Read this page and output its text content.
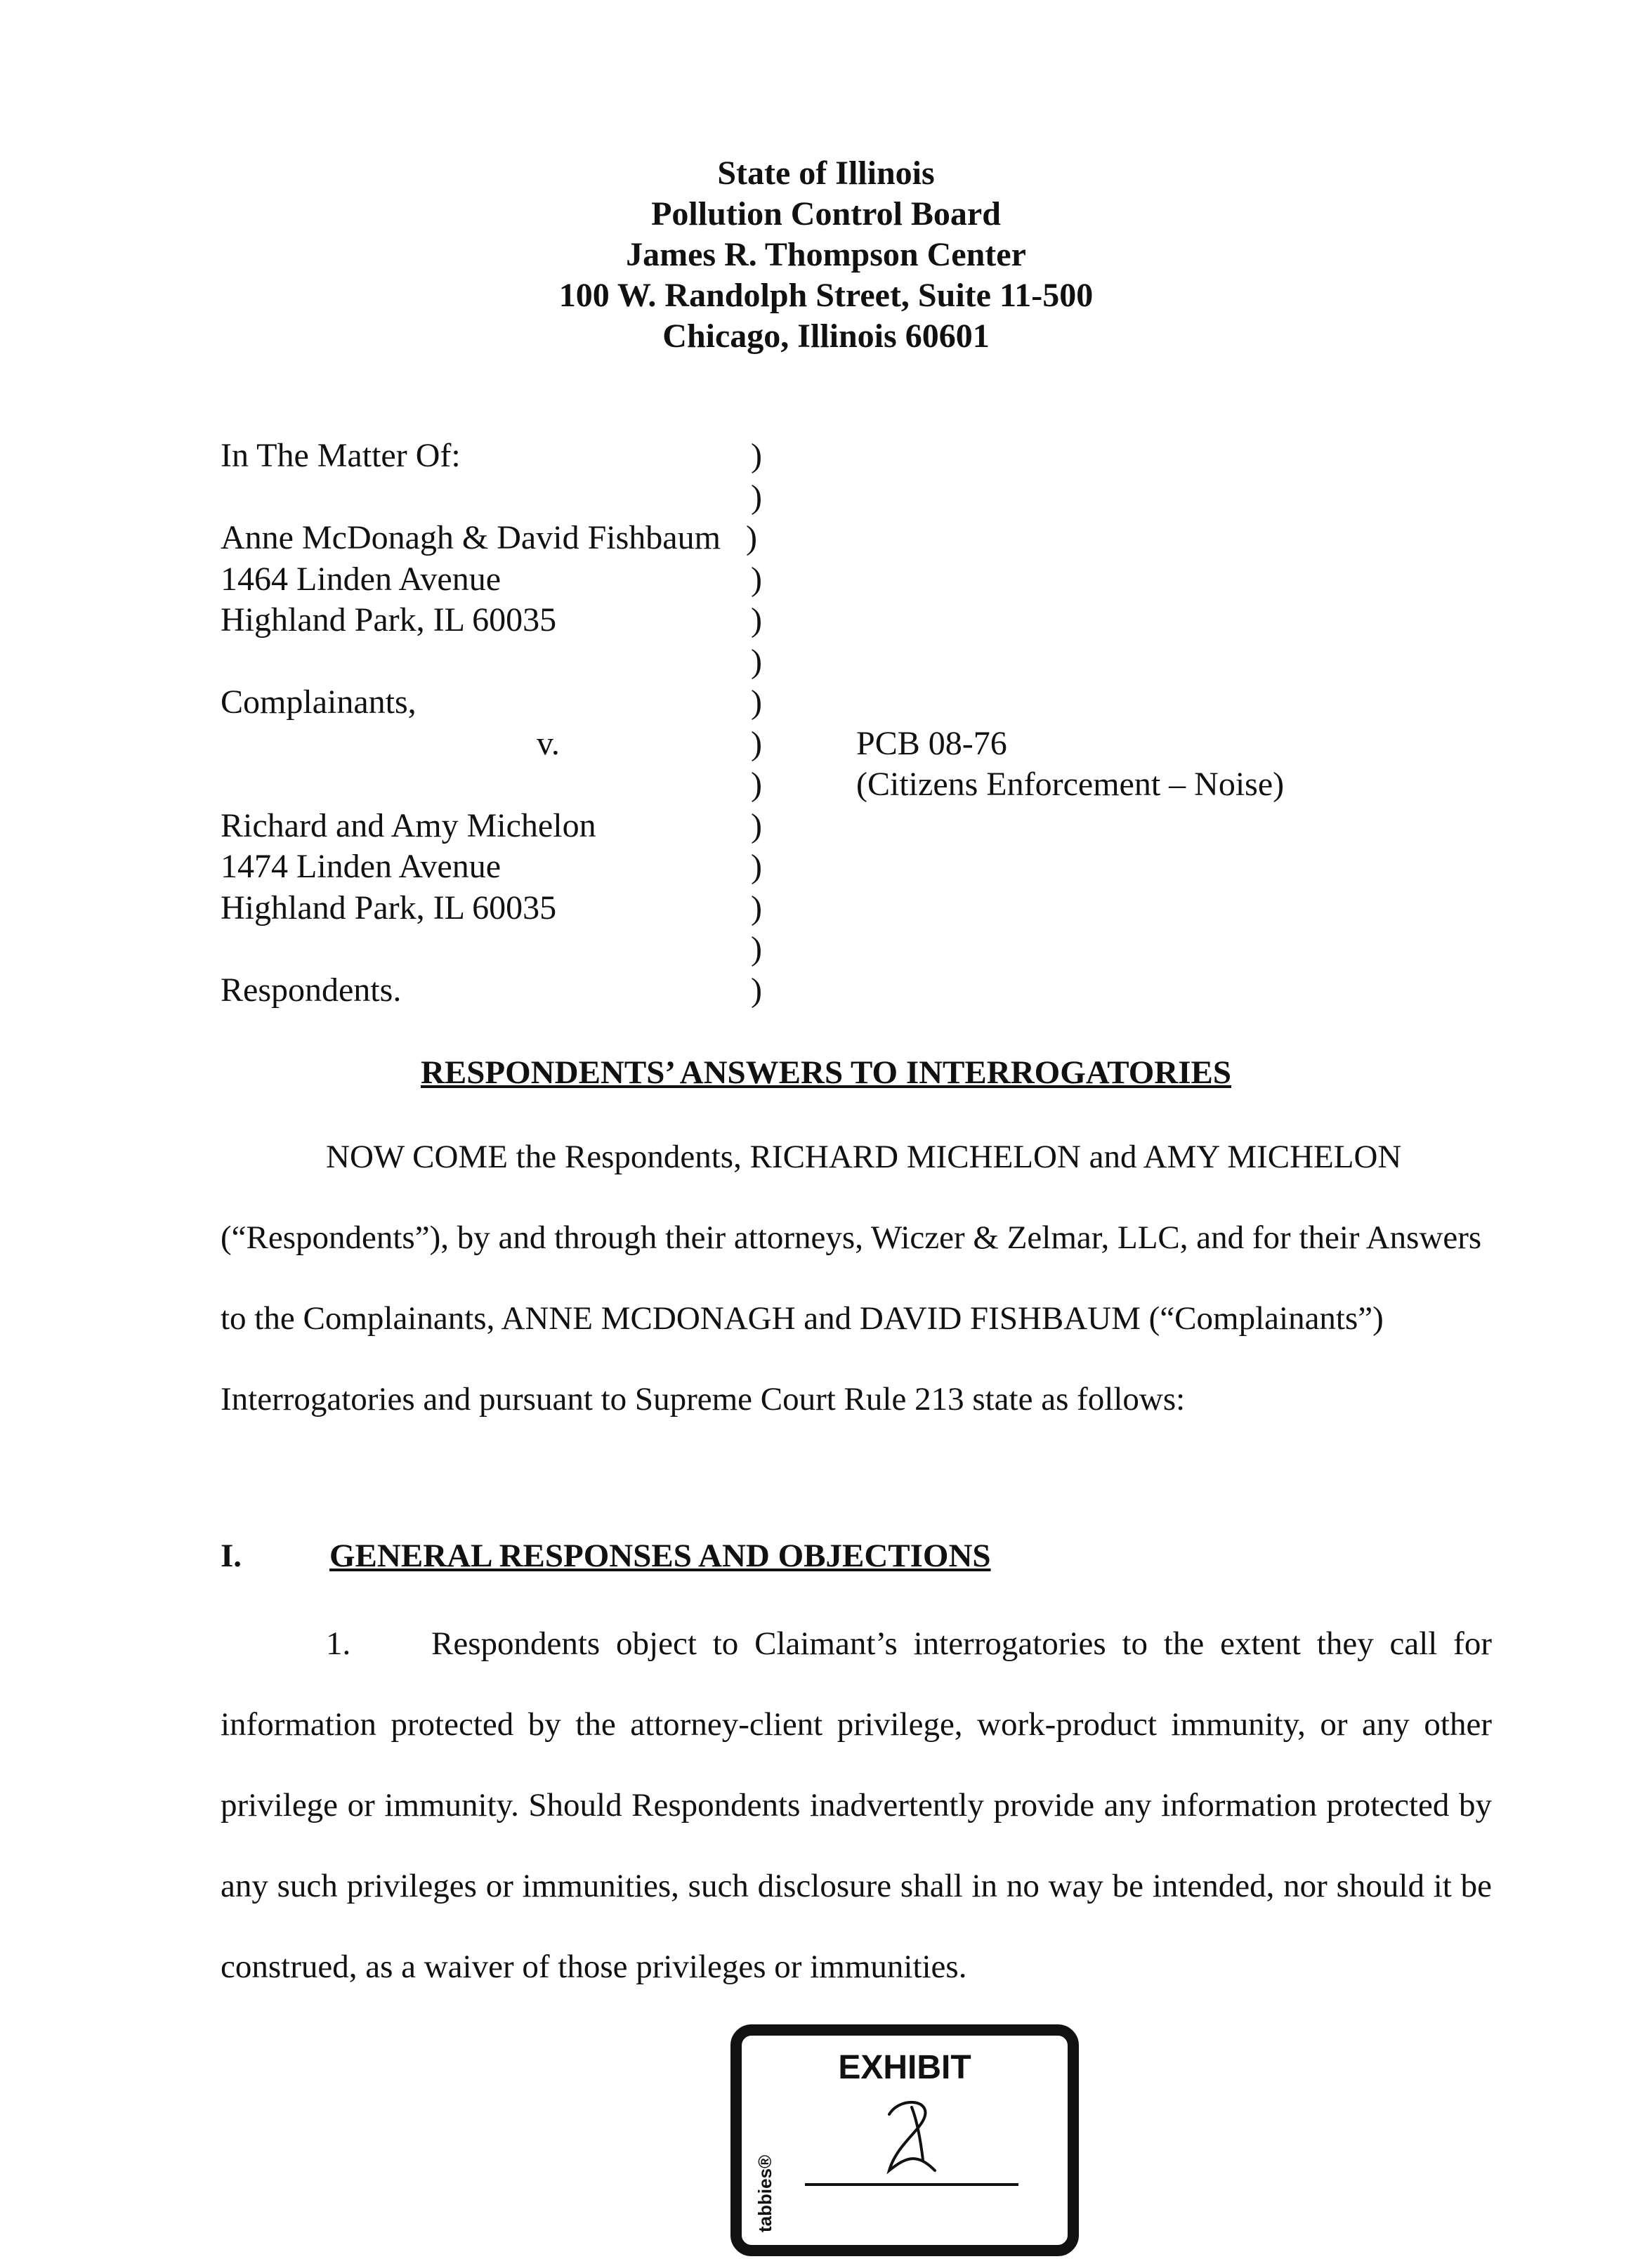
State of Illinois
Pollution Control Board
James R. Thompson Center
100 W. Randolph Street, Suite 11-500
Chicago, Illinois 60601
In The Matter Of:	)
)
Anne McDonagh & David Fishbaum )
1464 Linden Avenue	)
Highland Park, IL 60035	)
)
Complainants,	)
v.	)	PCB 08-76
)	(Citizens Enforcement – Noise)
Richard and Amy Michelon	)
1474 Linden Avenue	)
Highland Park, IL 60035	)
)
Respondents.	)
RESPONDENTS’ ANSWERS TO INTERROGATORIES

NOW COME the Respondents, RICHARD MICHELON and AMY MICHELON (“Respondents”), by and through their attorneys, Wiczer & Zelmar, LLC, and for their Answers to the Complainants, ANNE MCDONAGH and DAVID FISHBAUM (“Complainants”) Interrogatories and pursuant to Supreme Court Rule 213 state as follows:

I.	GENERAL RESPONSES AND OBJECTIONS

1. Respondents object to Claimant’s interrogatories to the extent they call for information protected by the attorney-client privilege, work-product immunity, or any other privilege or immunity. Should Respondents inadvertently provide any information protected by any such privileges or immunities, such disclosure shall in no way be intended, nor should it be construed, as a waiver of those privileges or immunities.

EXHIBIT
tabbies®
